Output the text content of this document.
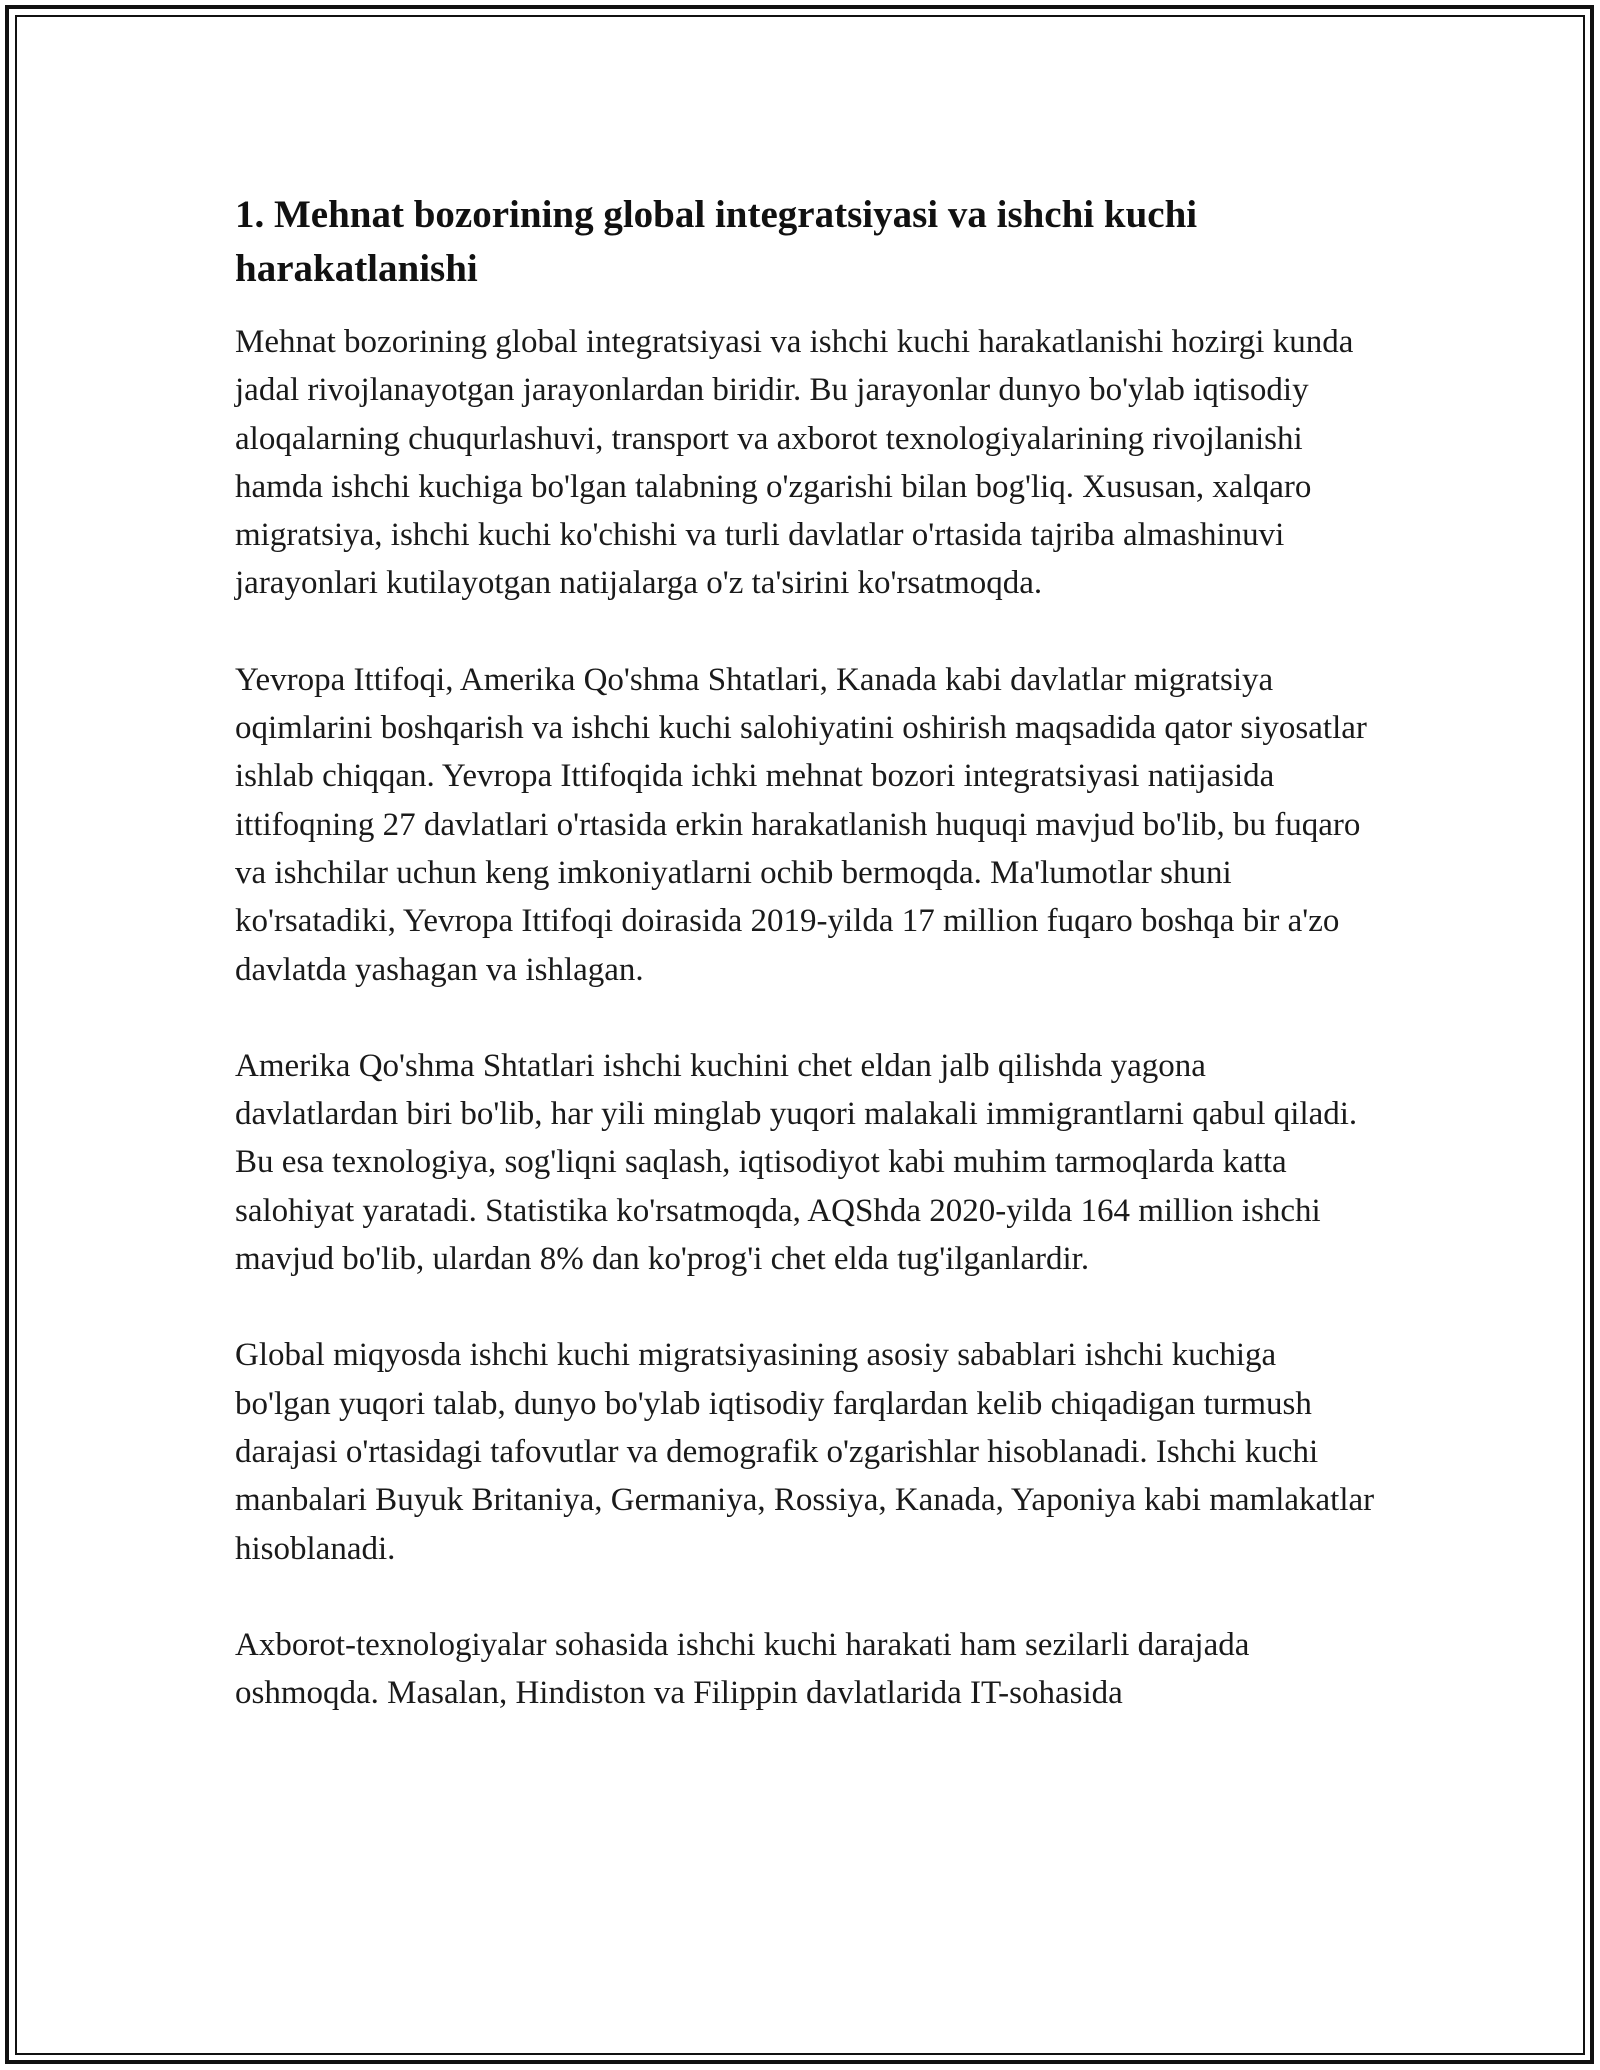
1. Mehnat bozorining global integratsiyasi va ishchi kuchi harakatlanishi

Mehnat bozorining global integratsiyasi va ishchi kuchi harakatlanishi hozirgi kunda jadal rivojlanayotgan jarayonlardan biridir. Bu jarayonlar dunyo bo'ylab iqtisodiy aloqalarning chuqurlashuvi, transport va axborot texnologiyalarining rivojlanishi hamda ishchi kuchiga bo'lgan talabning o'zgarishi bilan bog'liq. Xususan, xalqaro migratsiya, ishchi kuchi ko'chishi va turli davlatlar o'rtasida tajriba almashinuvi jarayonlari kutilayotgan natijalarga o'z ta'sirini ko'rsatmoqda.

Yevropa Ittifoqi, Amerika Qo'shma Shtatlari, Kanada kabi davlatlar migratsiya oqimlarini boshqarish va ishchi kuchi salohiyatini oshirish maqsadida qator siyosatlar ishlab chiqqan. Yevropa Ittifoqida ichki mehnat bozori integratsiyasi natijasida ittifoqning 27 davlatlari o'rtasida erkin harakatlanish huquqi mavjud bo'lib, bu fuqaro va ishchilar uchun keng imkoniyatlarni ochib bermoqda. Ma'lumotlar shuni ko'rsatadiki, Yevropa Ittifoqi doirasida 2019-yilda 17 million fuqaro boshqa bir a'zo davlatda yashagan va ishlagan.

Amerika Qo'shma Shtatlari ishchi kuchini chet eldan jalb qilishda yagona davlatlardan biri bo'lib, har yili minglab yuqori malakali immigrantlarni qabul qiladi. Bu esa texnologiya, sog'liqni saqlash, iqtisodiyot kabi muhim tarmoqlarda katta salohiyat yaratadi. Statistika ko'rsatmoqda, AQShda 2020-yilda 164 million ishchi mavjud bo'lib, ulardan 8% dan ko'prog'i chet elda tug'ilganlardir.

Global miqyosda ishchi kuchi migratsiyasining asosiy sabablari ishchi kuchiga bo'lgan yuqori talab, dunyo bo'ylab iqtisodiy farqlardan kelib chiqadigan turmush darajasi o'rtasidagi tafovutlar va demografik o'zgarishlar hisoblanadi. Ishchi kuchi manbalari Buyuk Britaniya, Germaniya, Rossiya, Kanada, Yaponiya kabi mamlakatlar hisoblanadi.

Axborot-texnologiyalar sohasida ishchi kuchi harakati ham sezilarli darajada oshmoqda. Masalan, Hindiston va Filippin davlatlarida IT-sohasida
